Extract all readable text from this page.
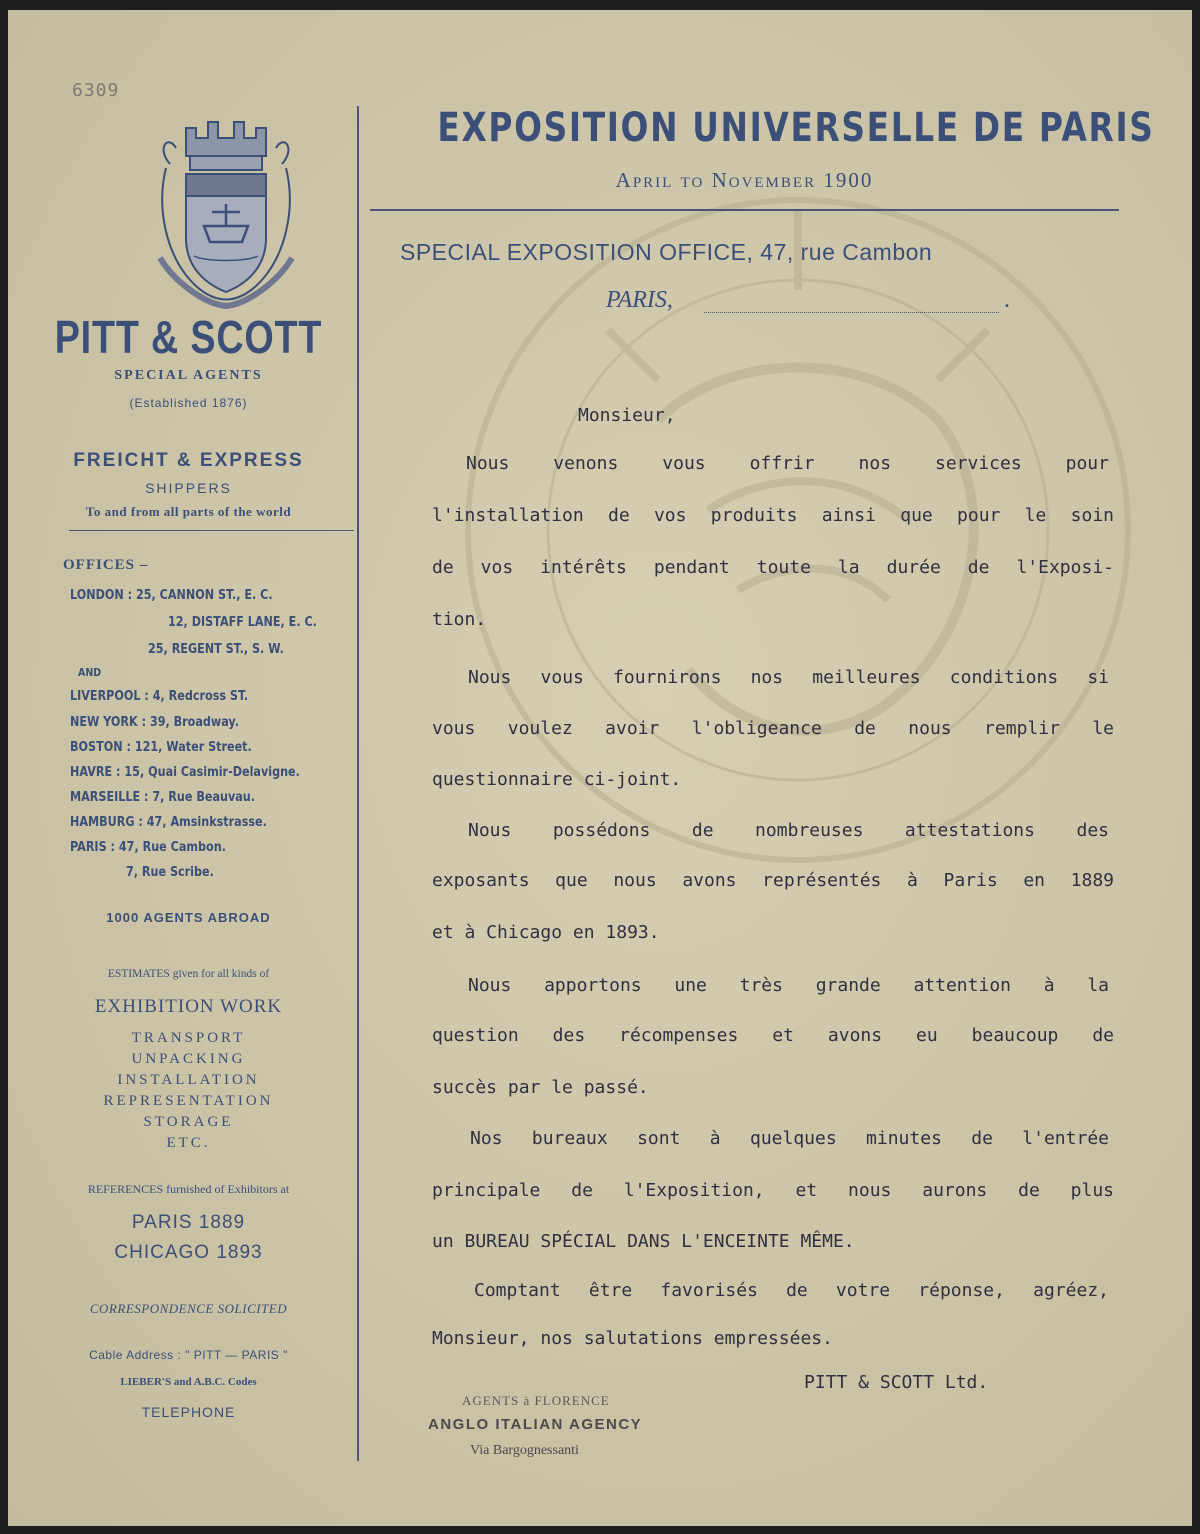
6309
PITT & SCOTT
SPECIAL AGENTS
(Established 1876)
FREICHT & EXPRESS
SHIPPERS
To and from all parts of the world
OFFICES –
LONDON : 25, CANNON ST., E. C.
12, DISTAFF LANE, E. C.
25, REGENT ST., S. W.
AND
LIVERPOOL : 4, Redcross ST.
NEW YORK : 39, Broadway.
BOSTON : 121, Water Street.
HAVRE : 15, Quai Casimir-Delavigne.
MARSEILLE : 7, Rue Beauvau.
HAMBURG : 47, Amsinkstrasse.
PARIS : 47, Rue Cambon.
7, Rue Scribe.
1000 AGENTS ABROAD
ESTIMATES given for all kinds of
EXHIBITION WORK
TRANSPORT
UNPACKING
INSTALLATION
REPRESENTATION
STORAGE
ETC.
REFERENCES furnished of Exhibitors at
PARIS 1889
CHICAGO 1893
CORRESPONDENCE SOLICITED
Cable Address : " PITT — PARIS "
LIEBER'S and A.B.C. Codes
TELEPHONE
EXPOSITION UNIVERSELLE DE PARIS
April to November 1900
SPECIAL EXPOSITION OFFICE, 47, rue Cambon
PARIS,	.
Monsieur,
Nous venons vous offrir nos services pour
l'installation de vos produits ainsi que pour le soin
de vos intérêts pendant toute la durée de l'Exposi-
tion.
Nous vous fournirons nos meilleures conditions si
vous voulez avoir l'obligeance de nous remplir le
questionnaire ci-joint.
Nous possédons de nombreuses attestations des
exposants que nous avons représentés à Paris en 1889
et à Chicago en 1893.
Nous apportons une très grande attention à la
question des récompenses et avons eu beaucoup de
succès par le passé.
Nos bureaux sont à quelques minutes de l'entrée
principale de l'Exposition, et nous aurons de plus
un BUREAU SPÉCIAL DANS L'ENCEINTE MÊME.
Comptant être favorisés de votre réponse, agréez,
Monsieur, nos salutations empressées.
PITT & SCOTT Ltd.
AGENTS à FLORENCE
ANGLO ITALIAN AGENCY
Via Bargognessanti
